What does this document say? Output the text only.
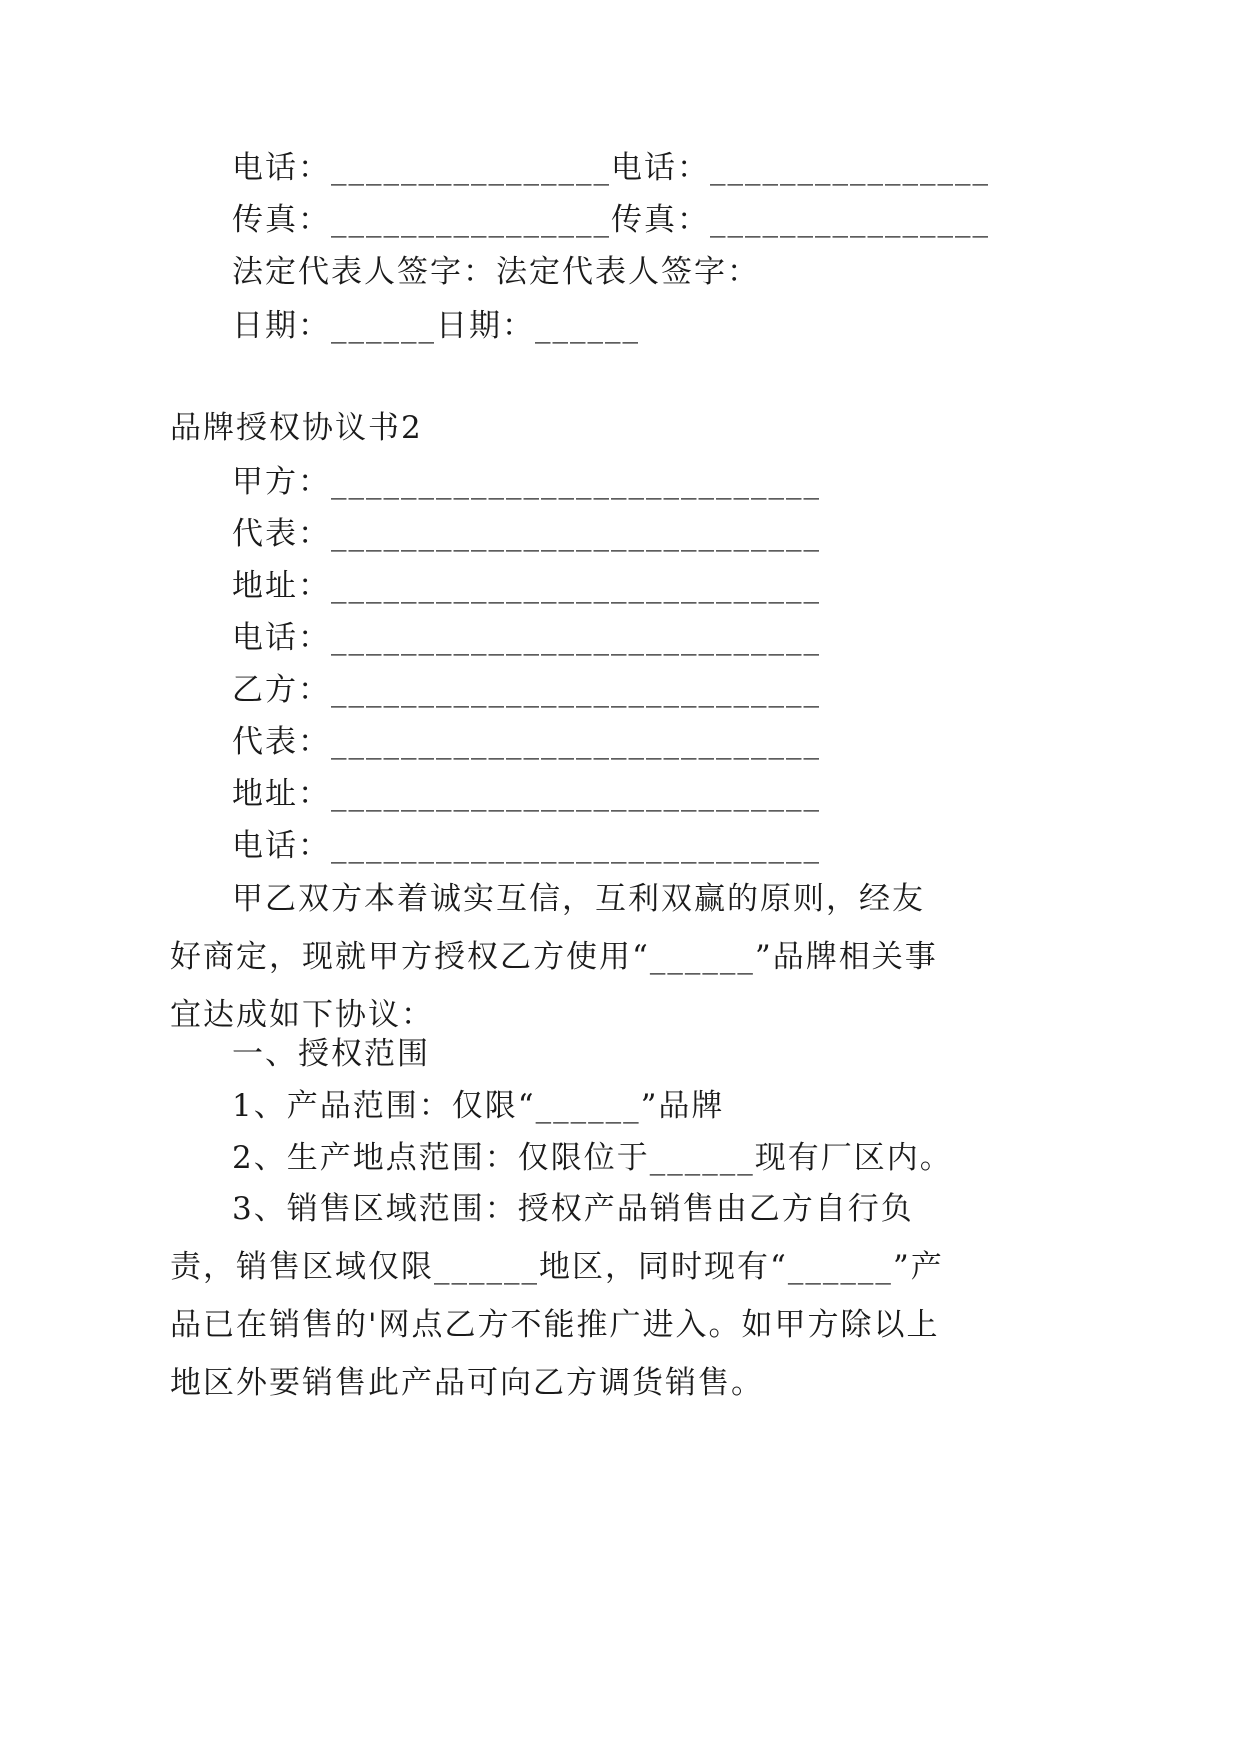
电话：________________电话：________________
传真：________________传真：________________
法定代表人签字：法定代表人签字：
日期：______日期：______
品牌授权协议书2
甲方：____________________________
代表：____________________________
地址：____________________________
电话：____________________________
乙方：____________________________
代表：____________________________
地址：____________________________
电话：____________________________
甲乙双方本着诚实互信，互利双赢的原则，经友好商定，现就甲方授权乙方使用“______”品牌相关事宜达成如下协议：
一、授权范围
1、产品范围：仅限“______”品牌
2、生产地点范围：仅限位于______现有厂区内。
3、销售区域范围：授权产品销售由乙方自行负责，销售区域仅限______地区，同时现有“______”产品已在销售的'网点乙方不能推广进入。如甲方除以上地区外要销售此产品可向乙方调货销售。
